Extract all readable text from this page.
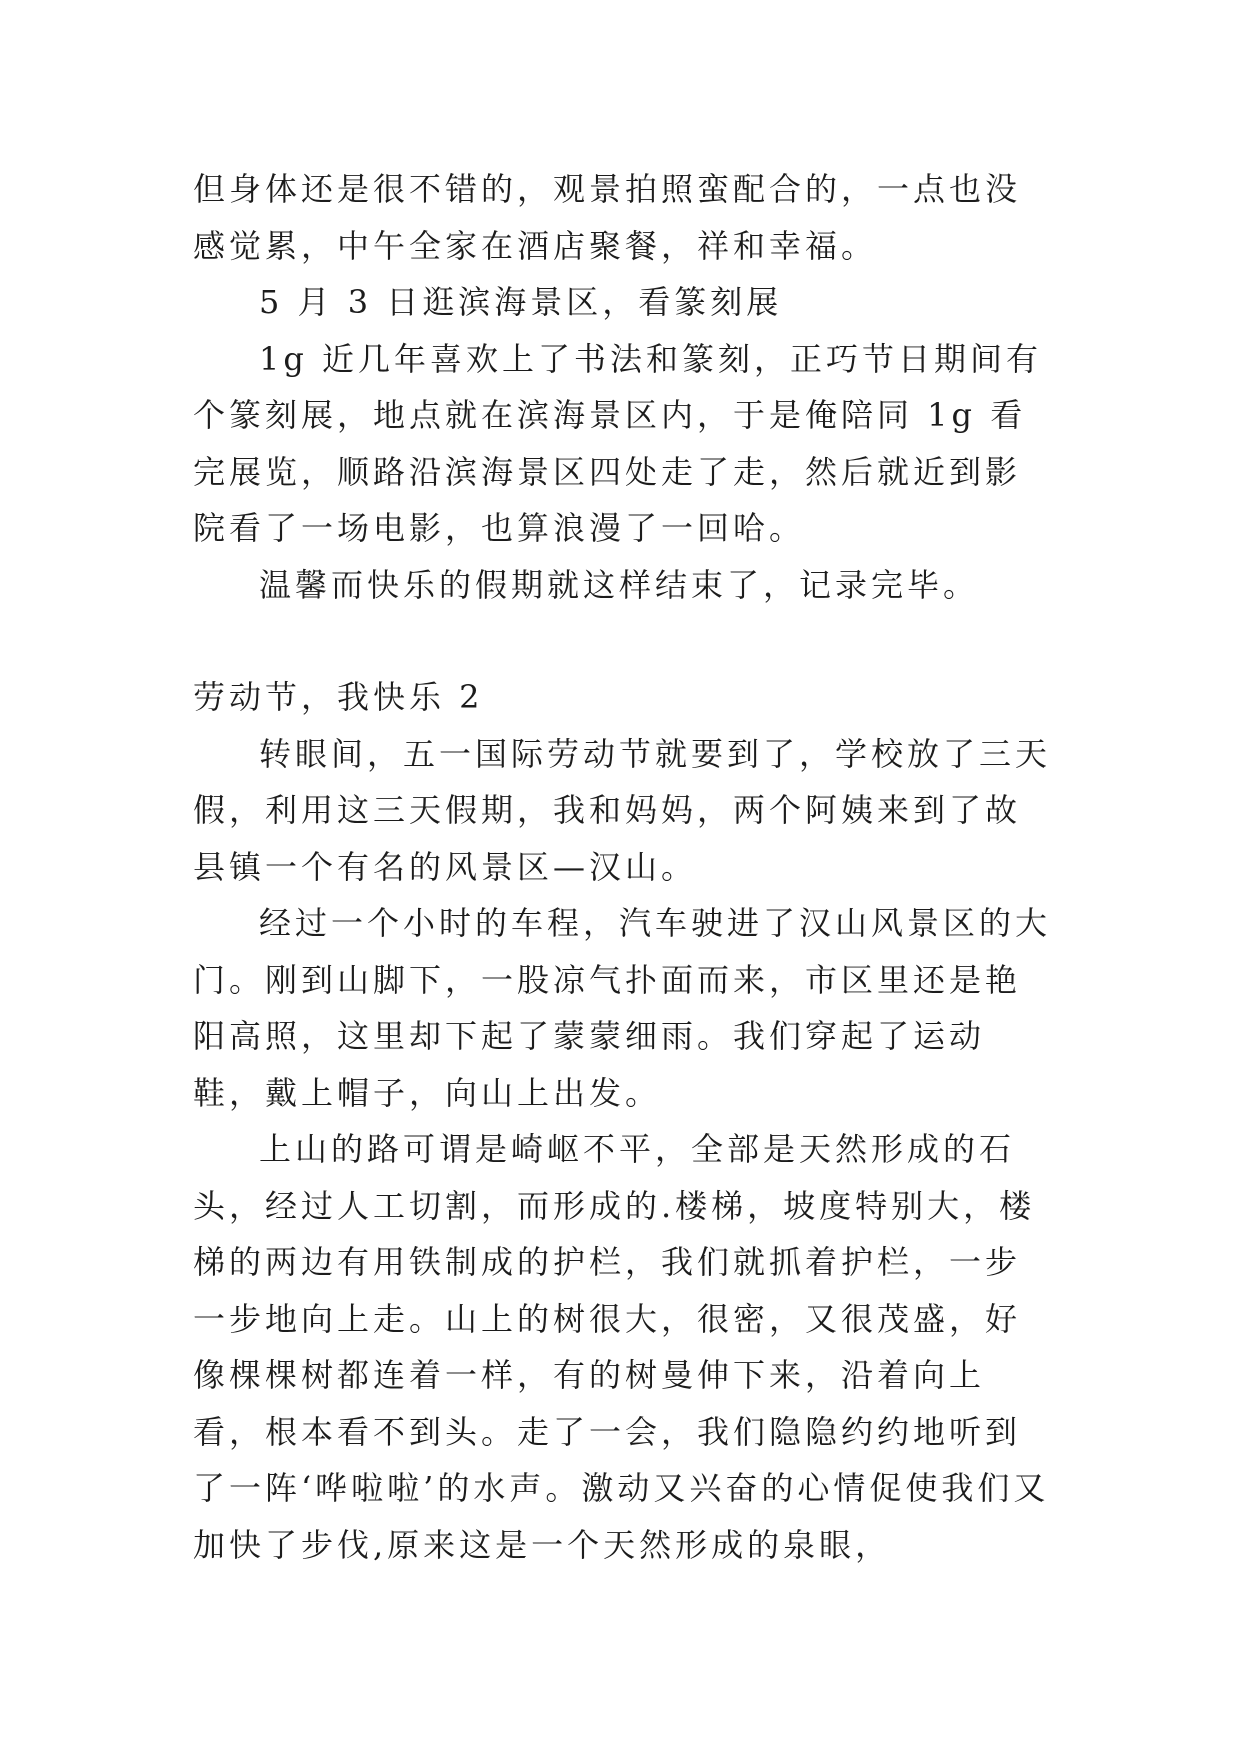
但身体还是很不错的，观景拍照蛮配合的，一点也没感觉累，中午全家在酒店聚餐，祥和幸福。

5 月 3 日逛滨海景区，看篆刻展

1g 近几年喜欢上了书法和篆刻，正巧节日期间有个篆刻展，地点就在滨海景区内，于是俺陪同 1g 看完展览，顺路沿滨海景区四处走了走，然后就近到影院看了一场电影，也算浪漫了一回哈。

温馨而快乐的假期就这样结束了，记录完毕。

劳动节，我快乐 2

转眼间，五一国际劳动节就要到了，学校放了三天假，利用这三天假期，我和妈妈，两个阿姨来到了故县镇一个有名的风景区—汉山。

经过一个小时的车程，汽车驶进了汉山风景区的大门。刚到山脚下，一股凉气扑面而来，市区里还是艳阳高照，这里却下起了蒙蒙细雨。我们穿起了运动鞋，戴上帽子，向山上出发。

上山的路可谓是崎岖不平，全部是天然形成的石头，经过人工切割，而形成的.楼梯，坡度特别大，楼梯的两边有用铁制成的护栏，我们就抓着护栏，一步一步地向上走。山上的树很大，很密，又很茂盛，好像棵棵树都连着一样，有的树曼伸下来，沿着向上看，根本看不到头。走了一会，我们隐隐约约地听到了一阵‘哗啦啦’的水声。激动又兴奋的心情促使我们又加快了步伐,原来这是一个天然形成的泉眼，
